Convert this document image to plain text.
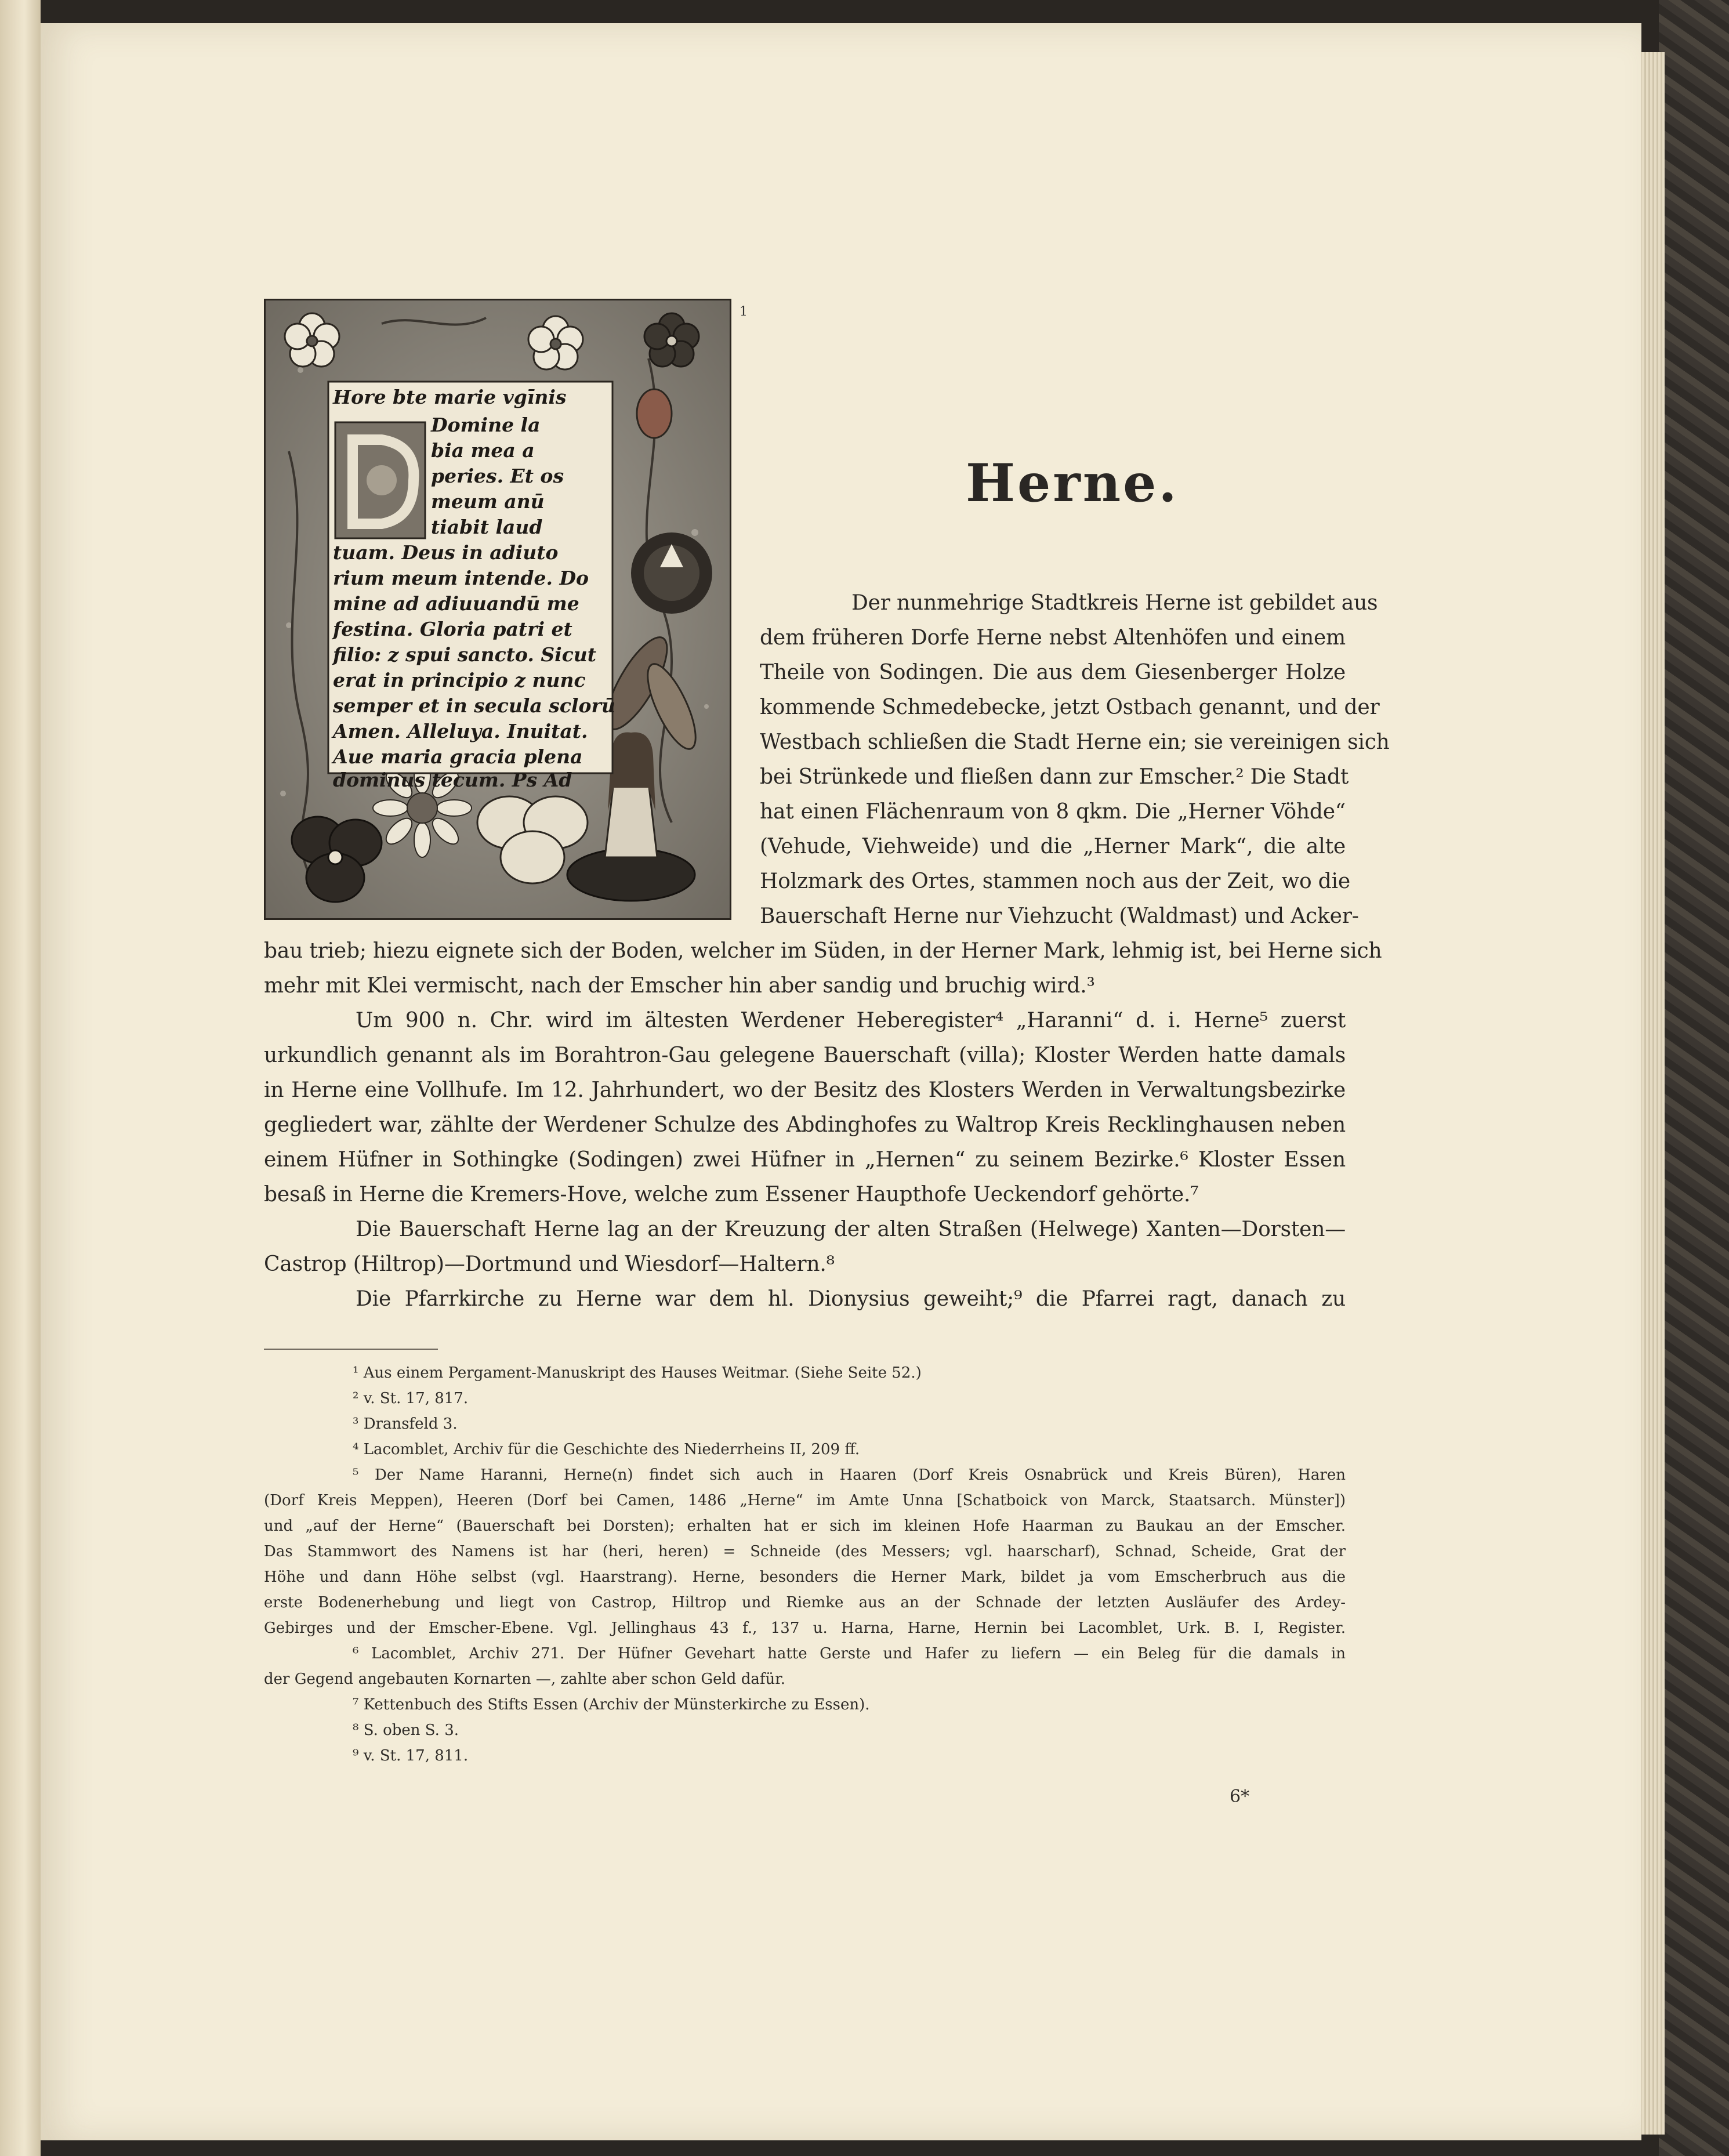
Hore bte marie vgīnis
Domine la
bia mea a
peries. Et os
meum anū
tiabit laud
tuam. Deus in adiuto
rium meum intende. Do
mine ad adiuuandū me
festina. Gloria patri et
filio: z spui sancto. Sicut
erat in principio z nunc
semper et in secula sclorū
Amen. Alleluya. Inuitat.
Aue maria gracia plena
dominus tecum. Ps Ad
1
Herne.
Der nunmehrige Stadtkreis Herne ist gebildet aus
dem früheren Dorfe Herne nebst Altenhöfen und einem
Theile von Sodingen. Die aus dem Giesenberger Holze
kommende Schmedebecke, jetzt Ostbach genannt, und der
Westbach schließen die Stadt Herne ein; sie vereinigen sich
bei Strünkede und fließen dann zur Emscher.² Die Stadt
hat einen Flächenraum von 8 qkm. Die „Herner Vöhde“
(Vehude, Viehweide) und die „Herner Mark“, die alte
Holzmark des Ortes, stammen noch aus der Zeit, wo die
Bauerschaft Herne nur Viehzucht (Waldmast) und Acker-
bau trieb; hiezu eignete sich der Boden, welcher im Süden, in der Herner Mark, lehmig ist, bei Herne sich
mehr mit Klei vermischt, nach der Emscher hin aber sandig und bruchig wird.³
Um 900 n. Chr. wird im ältesten Werdener Heberegister⁴ „Haranni“ d. i. Herne⁵ zuerst
urkundlich genannt als im Borahtron-Gau gelegene Bauerschaft (villa); Kloster Werden hatte damals
in Herne eine Vollhufe. Im 12. Jahrhundert, wo der Besitz des Klosters Werden in Verwaltungsbezirke
gegliedert war, zählte der Werdener Schulze des Abdinghofes zu Waltrop Kreis Recklinghausen neben
einem Hüfner in Sothingke (Sodingen) zwei Hüfner in „Hernen“ zu seinem Bezirke.⁶ Kloster Essen
besaß in Herne die Kremers-Hove, welche zum Essener Haupthofe Ueckendorf gehörte.⁷
Die Bauerschaft Herne lag an der Kreuzung der alten Straßen (Helwege) Xanten—Dorsten—
Castrop (Hiltrop)—Dortmund und Wiesdorf—Haltern.⁸
Die Pfarrkirche zu Herne war dem hl. Dionysius geweiht;⁹ die Pfarrei ragt, danach zu
¹ Aus einem Pergament-Manuskript des Hauses Weitmar. (Siehe Seite 52.)
² v. St. 17, 817.
³ Dransfeld 3.
⁴ Lacomblet, Archiv für die Geschichte des Niederrheins II, 209 ff.
⁵ Der Name Haranni, Herne(n) findet sich auch in Haaren (Dorf Kreis Osnabrück und Kreis Büren), Haren
(Dorf Kreis Meppen), Heeren (Dorf bei Camen, 1486 „Herne“ im Amte Unna [Schatboick von Marck, Staatsarch. Münster])
und „auf der Herne“ (Bauerschaft bei Dorsten); erhalten hat er sich im kleinen Hofe Haarman zu Baukau an der Emscher.
Das Stammwort des Namens ist har (heri, heren) = Schneide (des Messers; vgl. haarscharf), Schnad, Scheide, Grat der
Höhe und dann Höhe selbst (vgl. Haarstrang). Herne, besonders die Herner Mark, bildet ja vom Emscherbruch aus die
erste Bodenerhebung und liegt von Castrop, Hiltrop und Riemke aus an der Schnade der letzten Ausläufer des Ardey-
Gebirges und der Emscher-Ebene. Vgl. Jellinghaus 43 f., 137 u. Harna, Harne, Hernin bei Lacomblet, Urk. B. I, Register.
⁶ Lacomblet, Archiv 271. Der Hüfner Gevehart hatte Gerste und Hafer zu liefern — ein Beleg für die damals in
der Gegend angebauten Kornarten —, zahlte aber schon Geld dafür.
⁷ Kettenbuch des Stifts Essen (Archiv der Münsterkirche zu Essen).
⁸ S. oben S. 3.
⁹ v. St. 17, 811.
6*
